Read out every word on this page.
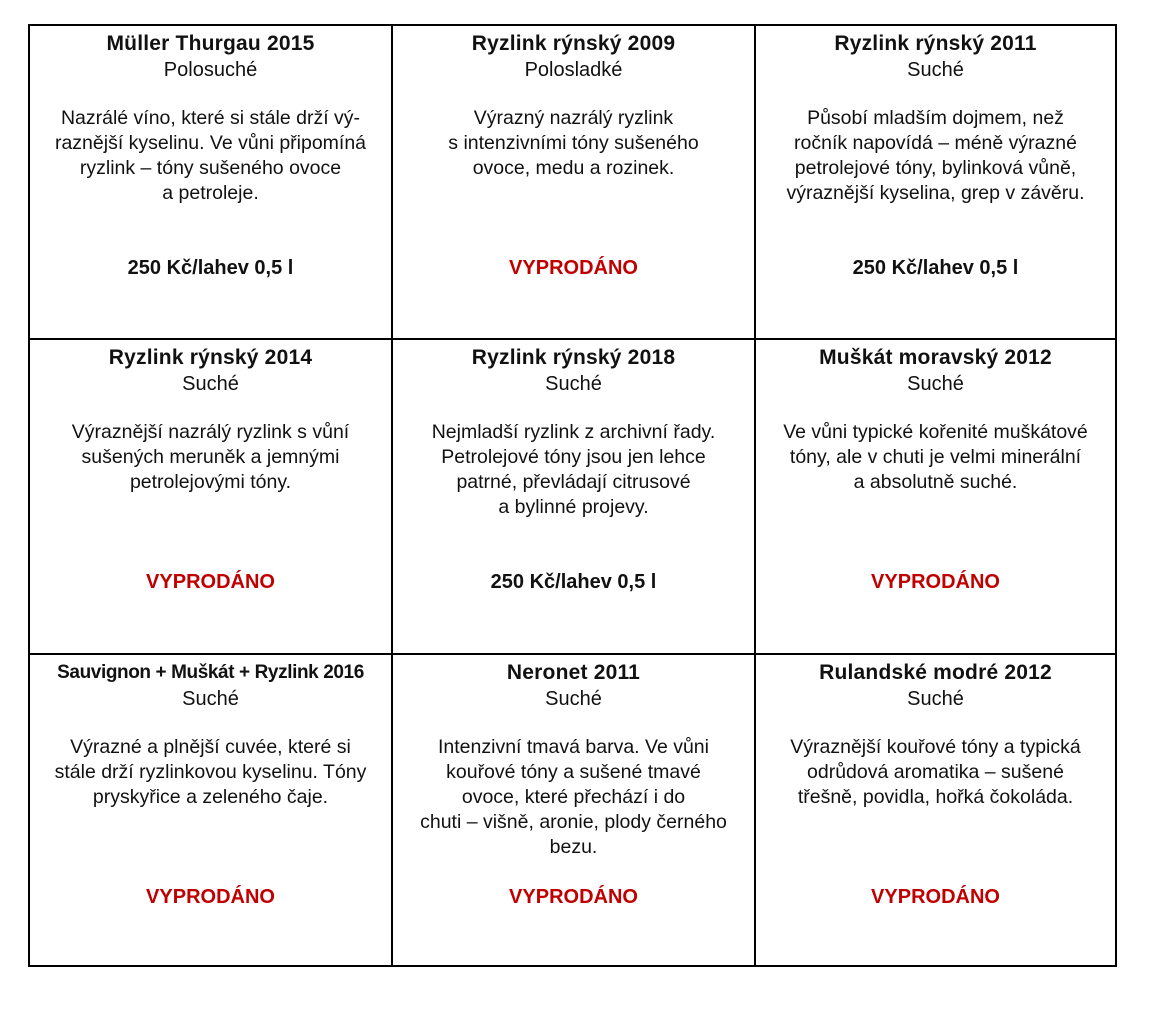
Müller Thurgau 2015
Polosuché
Nazrálé víno, které si stále drží vý-
raznější kyselinu. Ve vůni připomíná
ryzlink – tóny sušeného ovoce
a petroleje.
250 Kč/lahev 0,5 l
Ryzlink rýnský 2009
Polosladké
Výrazný nazrálý ryzlink
s intenzivními tóny sušeného
ovoce, medu a rozinek.
VYPRODÁNO
Ryzlink rýnský 2011
Suché
Působí mladším dojmem, než
ročník napovídá – méně výrazné
petrolejové tóny, bylinková vůně,
výraznější kyselina, grep v závěru.
250 Kč/lahev 0,5 l
Ryzlink rýnský 2014
Suché
Výraznější nazrálý ryzlink s vůní
sušených meruněk a jemnými
petrolejovými tóny.
VYPRODÁNO
Ryzlink rýnský 2018
Suché
Nejmladší ryzlink z archivní řady.
Petrolejové tóny jsou jen lehce
patrné, převládají citrusové
a bylinné projevy.
250 Kč/lahev 0,5 l
Muškát moravský 2012
Suché
Ve vůni typické kořenité muškátové
tóny, ale v chuti je velmi minerální
a absolutně suché.
VYPRODÁNO
Sauvignon + Muškát + Ryzlink 2016
Suché
Výrazné a plnější cuvée, které si
stále drží ryzlinkovou kyselinu. Tóny
pryskyřice a zeleného čaje.
VYPRODÁNO
Neronet 2011
Suché
Intenzivní tmavá barva. Ve vůni
kouřové tóny a sušené tmavé
ovoce, které přechází i do
chuti – višně, aronie, plody černého
bezu.
VYPRODÁNO
Rulandské modré 2012
Suché
Výraznější kouřové tóny a typická
odrůdová aromatika – sušené
třešně, povidla, hořká čokoláda.
VYPRODÁNO
